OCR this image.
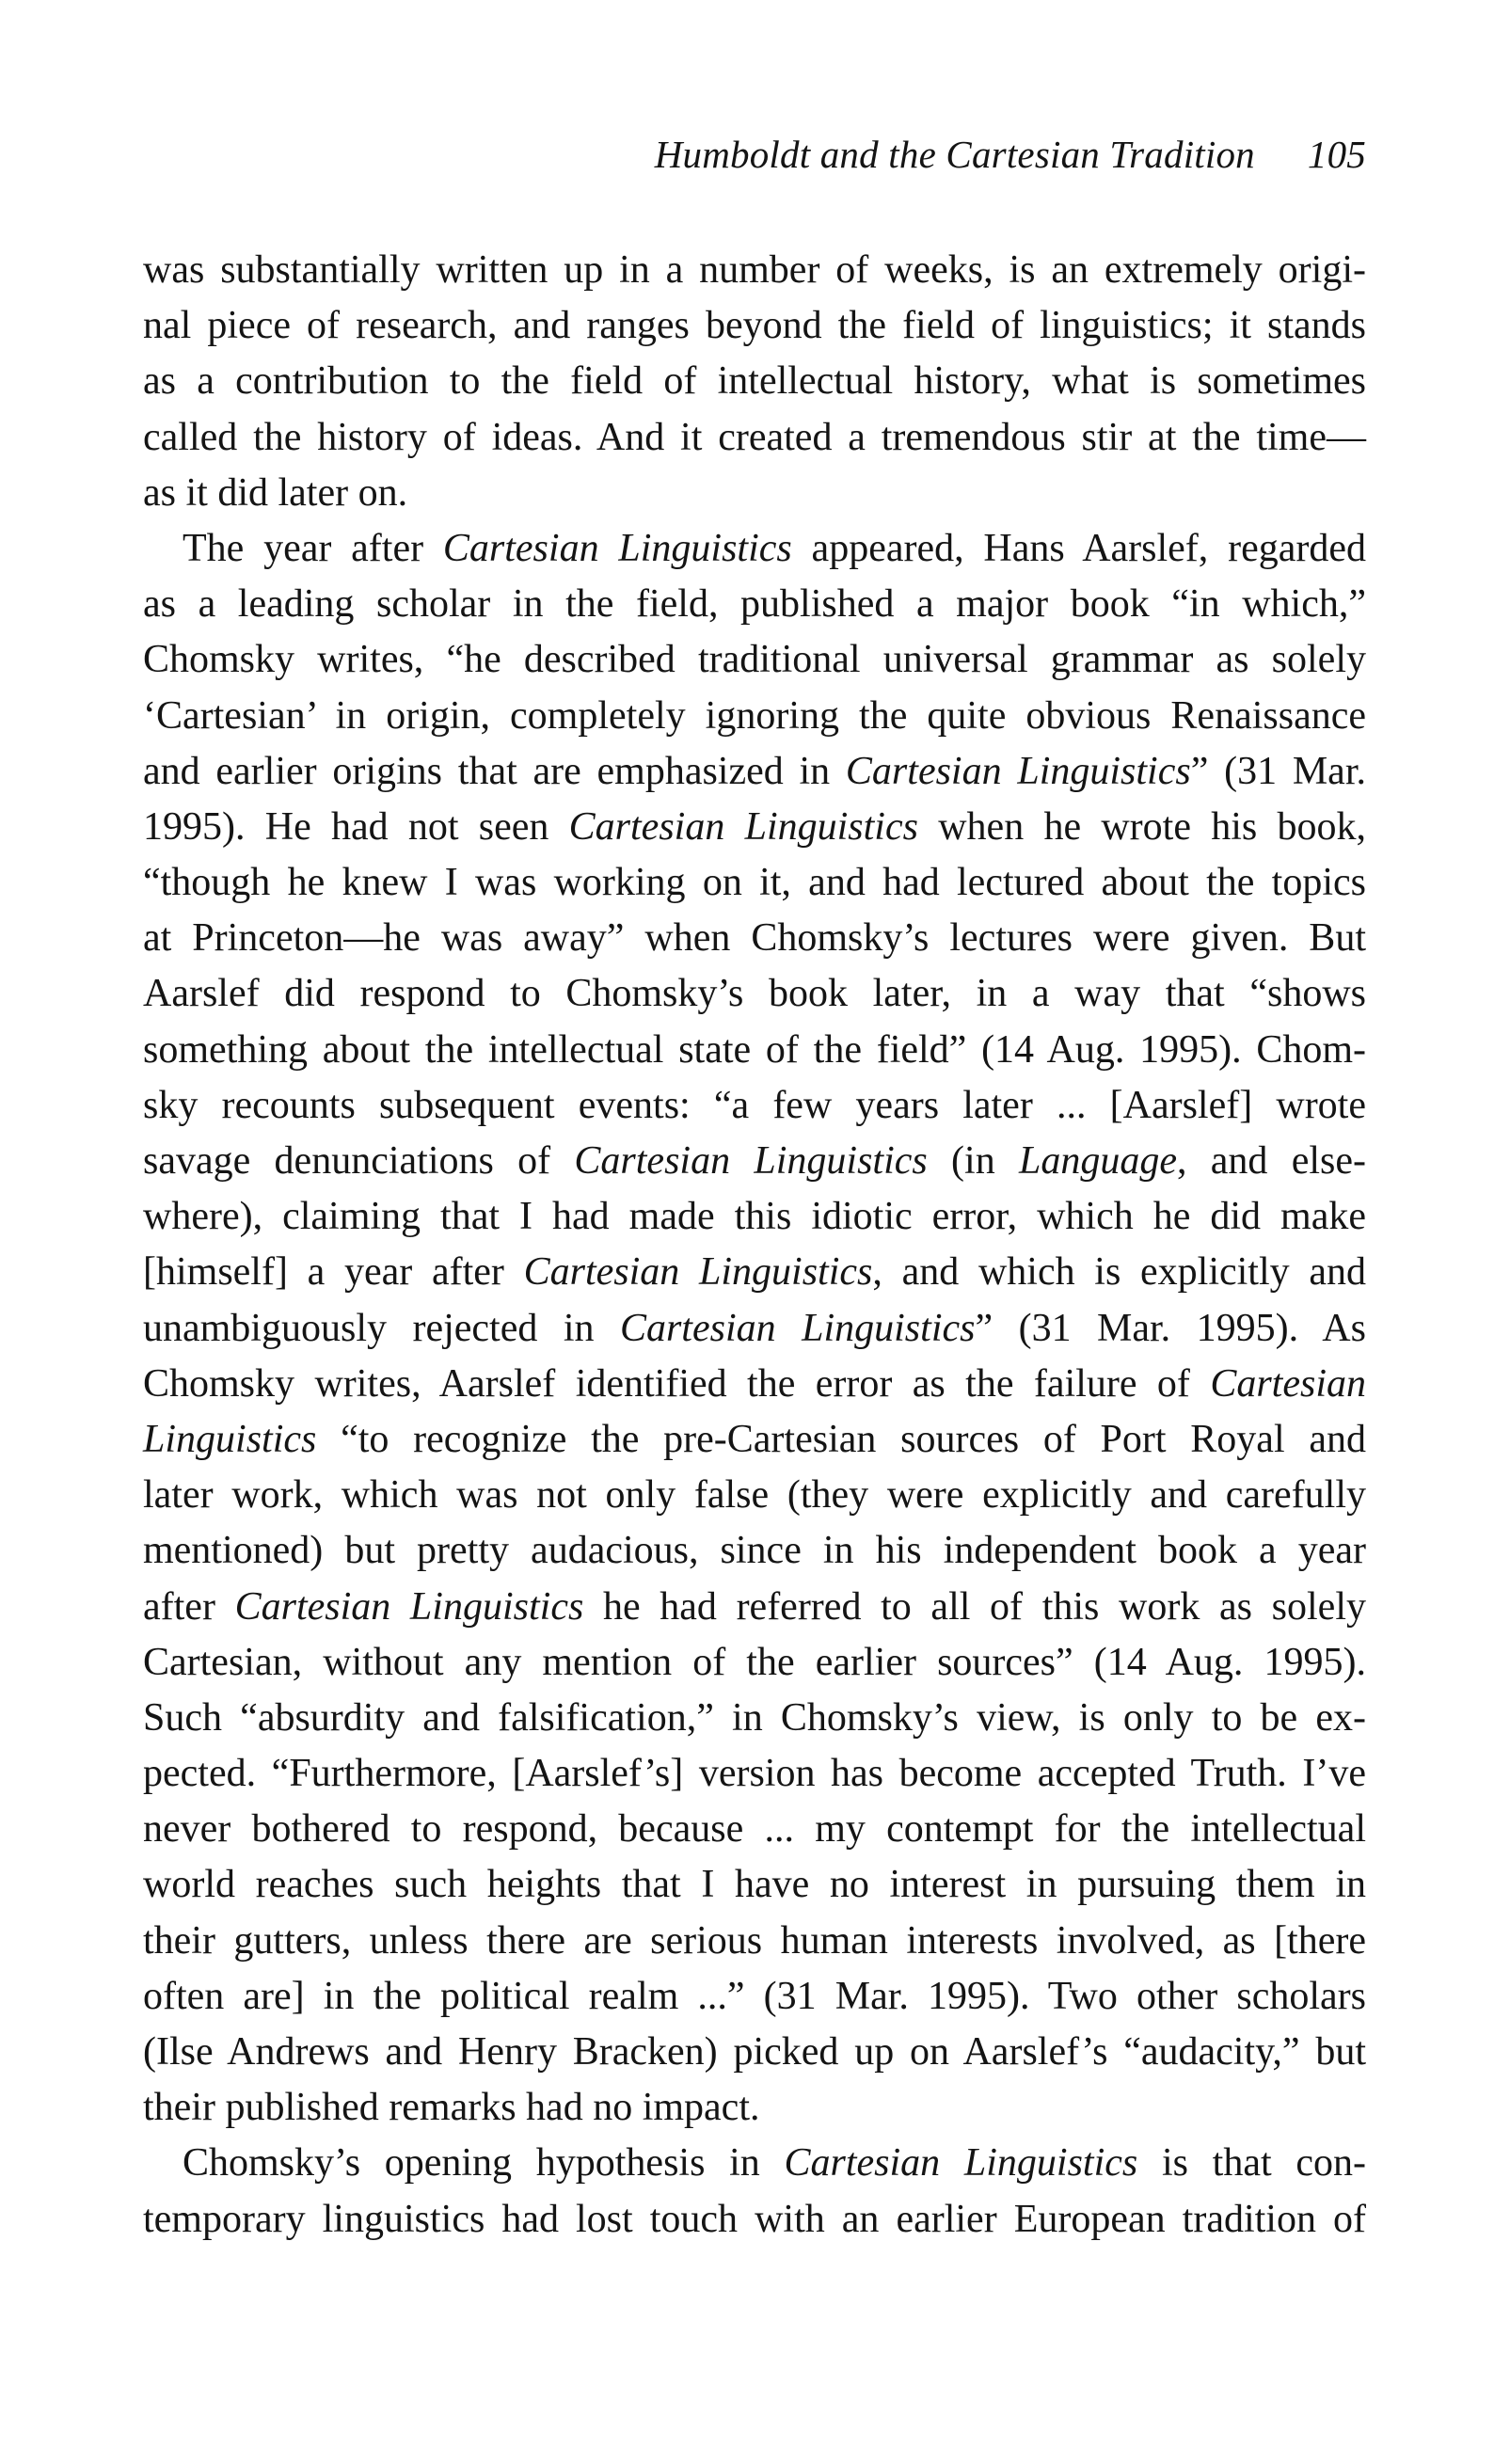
Humboldt and the Cartesian Tradition 105
was substantially written up in a number of weeks, is an extremely origi-
nal piece of research, and ranges beyond the field of linguistics; it stands
as a contribution to the field of intellectual history, what is sometimes
called the history of ideas. And it created a tremendous stir at the time—
as it did later on.
The year after Cartesian Linguistics appeared, Hans Aarslef, regarded
as a leading scholar in the field, published a major book “in which,”
Chomsky writes, “he described traditional universal grammar as solely
‘Cartesian’ in origin, completely ignoring the quite obvious Renaissance
and earlier origins that are emphasized in Cartesian Linguistics” (31 Mar.
1995). He had not seen Cartesian Linguistics when he wrote his book,
“though he knew I was working on it, and had lectured about the topics
at Princeton—he was away” when Chomsky’s lectures were given. But
Aarslef did respond to Chomsky’s book later, in a way that “shows
something about the intellectual state of the field” (14 Aug. 1995). Chom-
sky recounts subsequent events: “a few years later ... [Aarslef] wrote
savage denunciations of Cartesian Linguistics (in Language, and else-
where), claiming that I had made this idiotic error, which he did make
[himself] a year after Cartesian Linguistics, and which is explicitly and
unambiguously rejected in Cartesian Linguistics” (31 Mar. 1995). As
Chomsky writes, Aarslef identified the error as the failure of Cartesian
Linguistics “to recognize the pre-Cartesian sources of Port Royal and
later work, which was not only false (they were explicitly and carefully
mentioned) but pretty audacious, since in his independent book a year
after Cartesian Linguistics he had referred to all of this work as solely
Cartesian, without any mention of the earlier sources” (14 Aug. 1995).
Such “absurdity and falsification,” in Chomsky’s view, is only to be ex-
pected. “Furthermore, [Aarslef’s] version has become accepted Truth. I’ve
never bothered to respond, because ... my contempt for the intellectual
world reaches such heights that I have no interest in pursuing them in
their gutters, unless there are serious human interests involved, as [there
often are] in the political realm ...” (31 Mar. 1995). Two other scholars
(Ilse Andrews and Henry Bracken) picked up on Aarslef’s “audacity,” but
their published remarks had no impact.
Chomsky’s opening hypothesis in Cartesian Linguistics is that con-
temporary linguistics had lost touch with an earlier European tradition of
